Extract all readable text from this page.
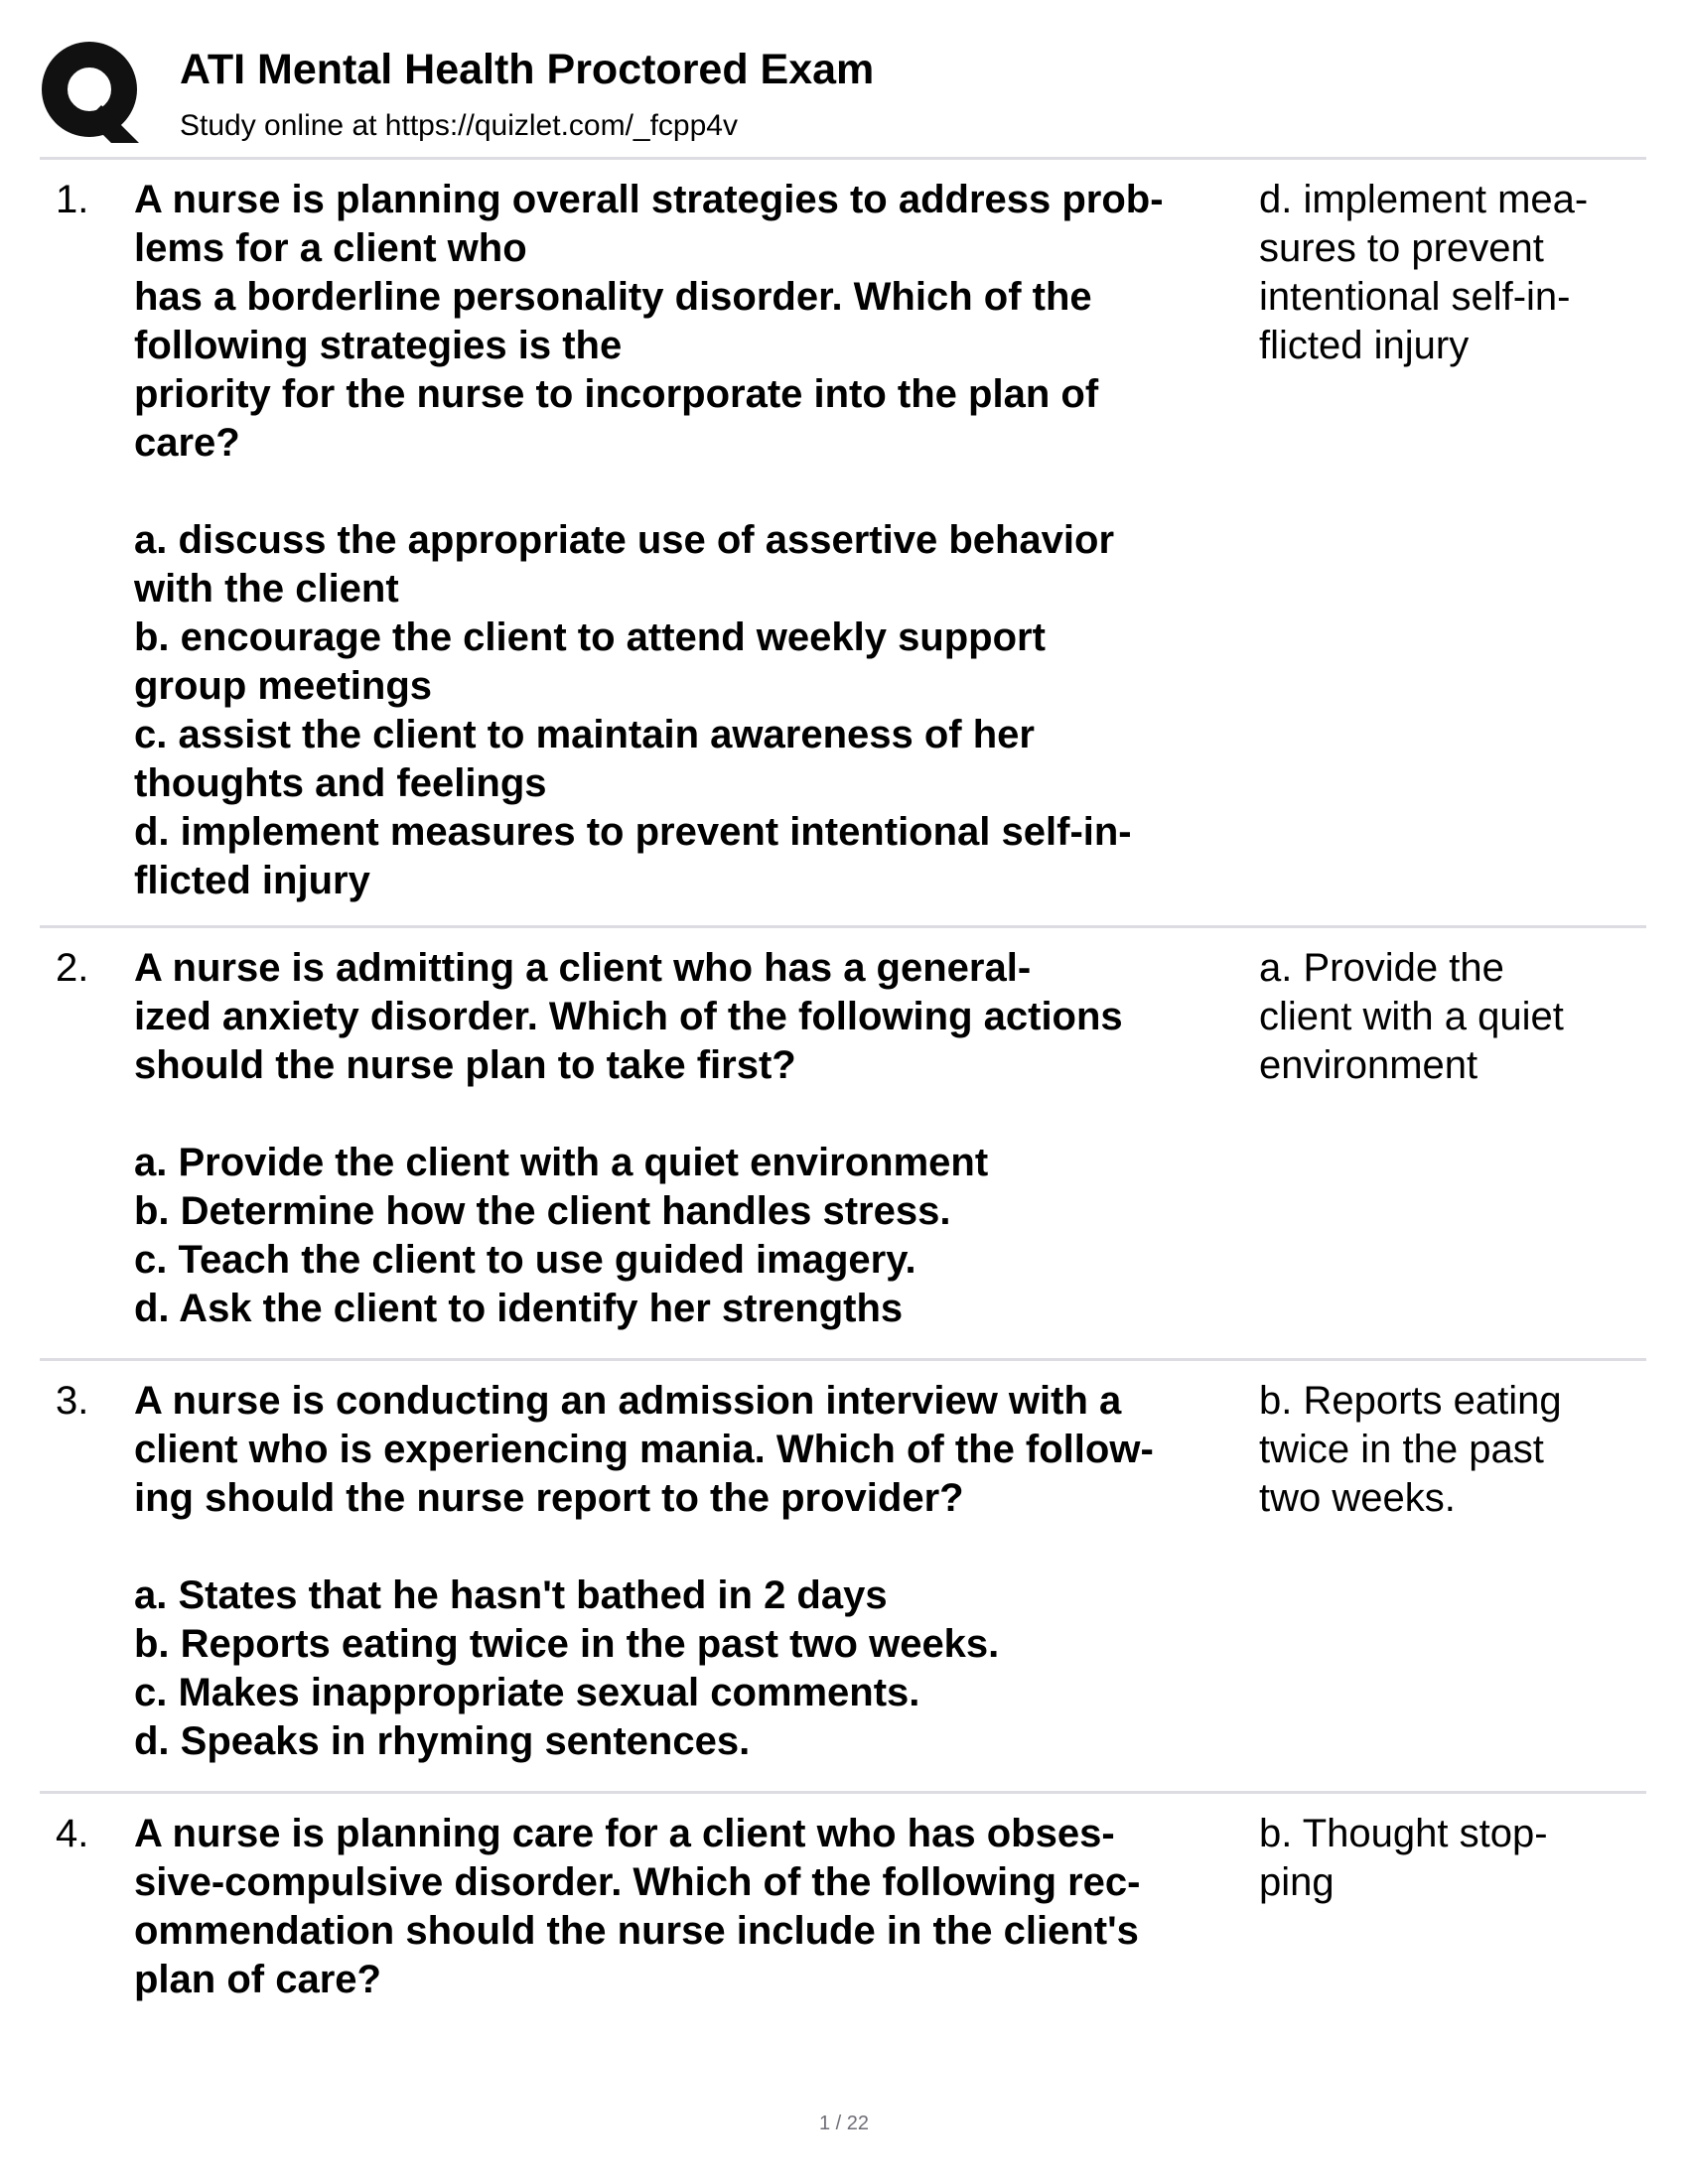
ATI Mental Health Proctored Exam
Study online at https://quizlet.com/_fcpp4v
1. A nurse is planning overall strategies to address prob-
lems for a client who
has a borderline personality disorder. Which of the
following strategies is the
priority for the nurse to incorporate into the plan of
care?
a. discuss the appropriate use of assertive behavior
with the client
b. encourage the client to attend weekly support
group meetings
c. assist the client to maintain awareness of her
thoughts and feelings
d. implement measures to prevent intentional self-in-
flicted injury
d. implement mea-
sures to prevent
intentional self-in-
flicted injury
2. A nurse is admitting a client who has a general-
ized anxiety disorder. Which of the following actions
should the nurse plan to take first?
a. Provide the client with a quiet environment
b. Determine how the client handles stress.
c. Teach the client to use guided imagery.
d. Ask the client to identify her strengths
a. Provide the
client with a quiet
environment
3. A nurse is conducting an admission interview with a
client who is experiencing mania. Which of the follow-
ing should the nurse report to the provider?
a. States that he hasn't bathed in 2 days
b. Reports eating twice in the past two weeks.
c. Makes inappropriate sexual comments.
d. Speaks in rhyming sentences.
b. Reports eating
twice in the past
two weeks.
4. A nurse is planning care for a client who has obses-
sive-compulsive disorder. Which of the following rec-
ommendation should the nurse include in the client's
plan of care?
b. Thought stop-
ping
1 / 22
